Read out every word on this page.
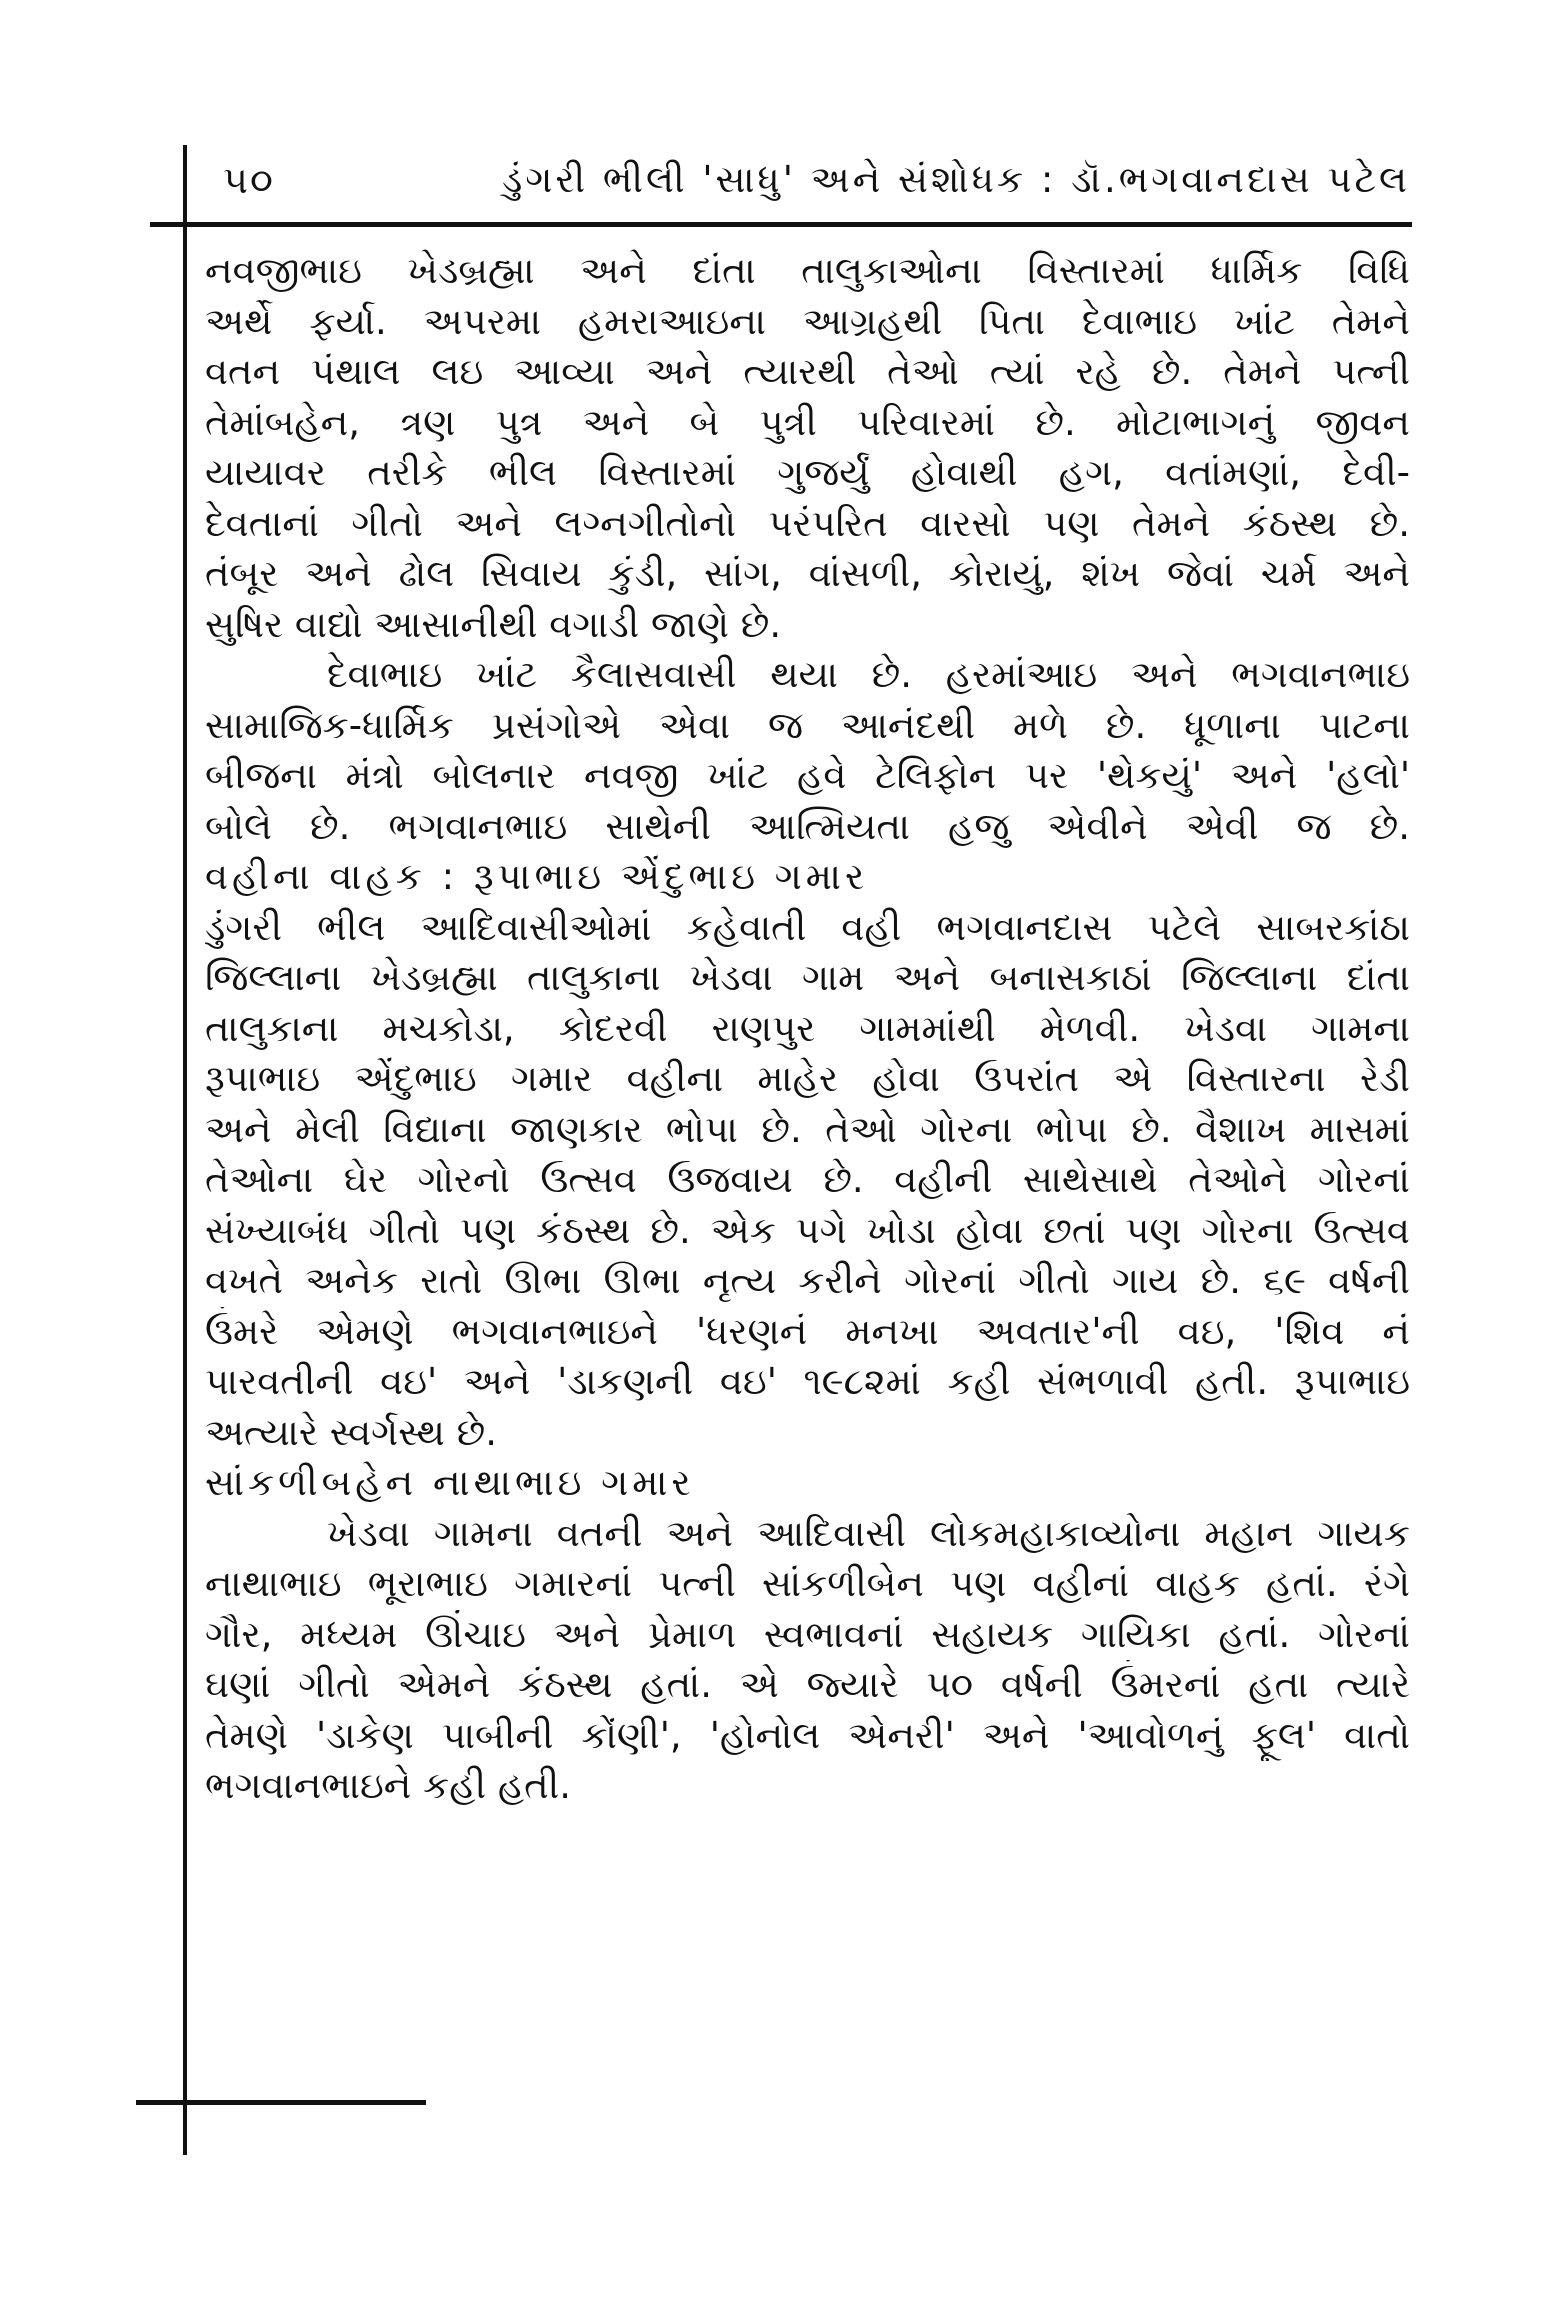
૫૦	ડુંગરી ભીલી 'સાધુ' અને સંશોધક : ડૉ.ભગવાનદાસ પટેલ
નવજીભાઇ ખેડબ્રહ્મા અને દાંતા તાલુકાઓના વિસ્તારમાં ધાર્મિક વિધિ
અર્થે ફર્યા. અપરમા હમરાઆઇના આગ્રહથી પિતા દેવાભાઇ ખાંટ તેમને
વતન પંથાલ લઇ આવ્યા અને ત્યારથી તેઓ ત્યાં રહે છે. તેમને પત્ની
તેમાંબહેન, ત્રણ પુત્ર અને બે પુત્રી પરિવારમાં છે. મોટાભાગનું જીવન
યાયાવર તરીકે ભીલ વિસ્તારમાં ગુજર્યું હોવાથી હગ, વતાંમણાં, દેવી-
દેવતાનાં ગીતો અને લગ્નગીતોનો પરંપરિત વારસો પણ તેમને કંઠસ્થ છે.
તંબૂર અને ઢોલ સિવાય કુંડી, સાંગ, વાંસળી, કોરાયું, શંખ જેવાં ચર્મ અને
સુષિર વાદ્યો આસાનીથી વગાડી જાણે છે.
દેવાભાઇ ખાંટ કૈલાસવાસી થયા છે. હરમાંઆઇ અને ભગવાનભાઇ
સામાજિક-ધાર્મિક પ્રસંગોએ એવા જ આનંદથી મળે છે. ધૂળાના પાટના
બીજના મંત્રો બોલનાર નવજી ખાંટ હવે ટેલિફોન પર 'થેકયું' અને 'હલો'
બોલે છે. ભગવાનભાઇ સાથેની આત્મિયતા હજુ એવીને એવી જ છે.
વહીના વાહક : રૂપાભાઇ એંદુભાઇ ગમાર
ડુંગરી ભીલ આદિવાસીઓમાં કહેવાતી વહી ભગવાનદાસ પટેલે સાબરકાંઠા
જિલ્લાના ખેડબ્રહ્મા તાલુકાના ખેડવા ગામ અને બનાસકાઠાં જિલ્લાના દાંતા
તાલુકાના મચકોડા, કોદરવી રાણપુર ગામમાંથી મેળવી. ખેડવા ગામના
રૂપાભાઇ એંદુભાઇ ગમાર વહીના માહેર હોવા ઉપરાંત એ વિસ્તારના રેડી
અને મેલી વિદ્યાના જાણકાર ભોપા છે. તેઓ ગોરના ભોપા છે. વૈશાખ માસમાં
તેઓના ઘેર ગોરનો ઉત્સવ ઉજવાય છે. વહીની સાથેસાથે તેઓને ગોરનાં
સંખ્યાબંધ ગીતો પણ કંઠસ્થ છે. એક પગે ખોડા હોવા છતાં પણ ગોરના ઉત્સવ
વખતે અનેક રાતો ઊભા ઊભા નૃત્ય કરીને ગોરનાં ગીતો ગાય છે. ૬૯ વર્ષની
ઉંમરે એમણે ભગવાનભાઇને 'ધરણનં મનખા અવતાર'ની વઇ, 'શિવ નં
પારવતીની વઇ' અને 'ડાકણની વઇ' ૧૯૮૨માં કહી સંભળાવી હતી. રૂપાભાઇ
અત્યારે સ્વર્ગસ્થ છે.
સાંકળીબહેન નાથાભાઇ ગમાર
ખેડવા ગામના વતની અને આદિવાસી લોકમહાકાવ્યોના મહાન ગાયક
નાથાભાઇ ભૂરાભાઇ ગમારનાં પત્ની સાંકળીબેન પણ વહીનાં વાહક હતાં. રંગે
ગૌર, મધ્યમ ઊંચાઇ અને પ્રેમાળ સ્વભાવનાં સહાયક ગાયિકા હતાં. ગોરનાં
ઘણાં ગીતો એમને કંઠસ્થ હતાં. એ જ્યારે ૫૦ વર્ષની ઉંમરનાં હતા ત્યારે
તેમણે 'ડાકેણ પાબીની કોંણી', 'હોનોલ એનરી' અને 'આવોળનું ફૂલ' વાતો
ભગવાનભાઇને કહી હતી.
